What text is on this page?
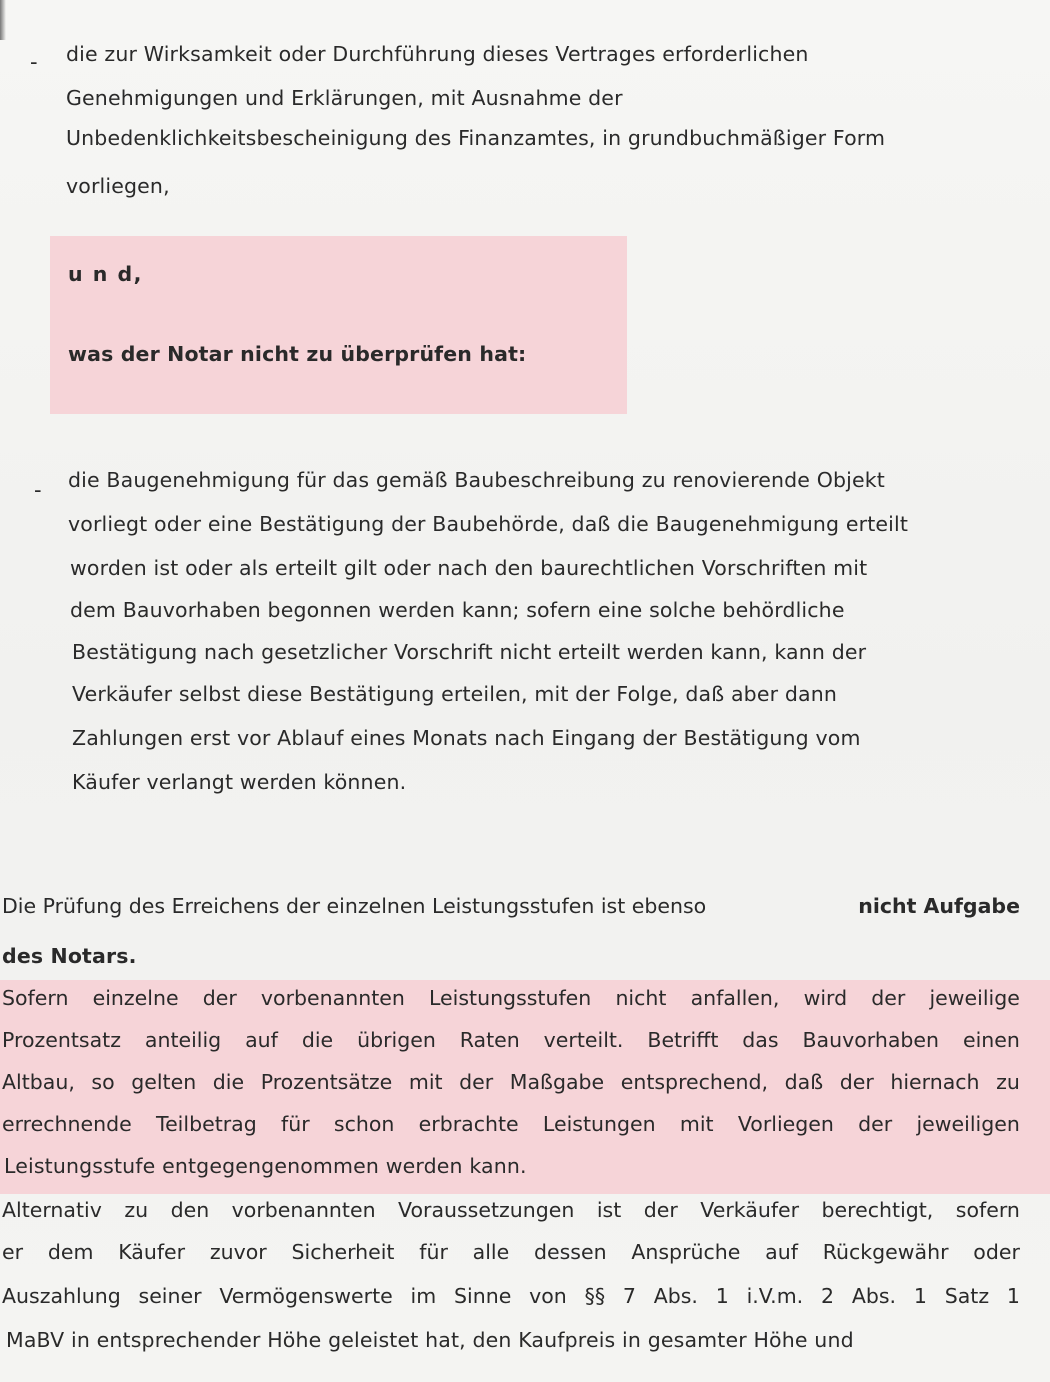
- die zur Wirksamkeit oder Durchführung dieses Vertrages erforderlichen
Genehmigungen und Erklärungen, mit Ausnahme der
Unbedenklichkeitsbescheinigung des Finanzamtes, in grundbuchmäßiger Form
vorliegen,
u n d,
was der Notar nicht zu überprüfen hat:
- die Baugenehmigung für das gemäß Baubeschreibung zu renovierende Objekt
vorliegt oder eine Bestätigung der Baubehörde, daß die Baugenehmigung erteilt
worden ist oder als erteilt gilt oder nach den baurechtlichen Vorschriften mit
dem Bauvorhaben begonnen werden kann; sofern eine solche behördliche
Bestätigung nach gesetzlicher Vorschrift nicht erteilt werden kann, kann der
Verkäufer selbst diese Bestätigung erteilen, mit der Folge, daß aber dann
Zahlungen erst vor Ablauf eines Monats nach Eingang der Bestätigung vom
Käufer verlangt werden können.
Die Prüfung des Erreichens der einzelnen Leistungsstufen ist ebenso	nicht Aufgabe
des Notars.
Sofern einzelne der vorbenannten Leistungsstufen nicht anfallen, wird der jeweilige
Prozentsatz anteilig auf die übrigen Raten verteilt. Betrifft das Bauvorhaben einen
Altbau, so gelten die Prozentsätze mit der Maßgabe entsprechend, daß der hiernach zu
errechnende Teilbetrag für schon erbrachte Leistungen mit Vorliegen der jeweiligen
Leistungsstufe entgegengenommen werden kann.
Alternativ zu den vorbenannten Voraussetzungen ist der Verkäufer berechtigt, sofern
er dem Käufer zuvor Sicherheit für alle dessen Ansprüche auf Rückgewähr oder
Auszahlung seiner Vermögenswerte im Sinne von §§ 7 Abs. 1 i.V.m. 2 Abs. 1 Satz 1
MaBV in entsprechender Höhe geleistet hat, den Kaufpreis in gesamter Höhe und
